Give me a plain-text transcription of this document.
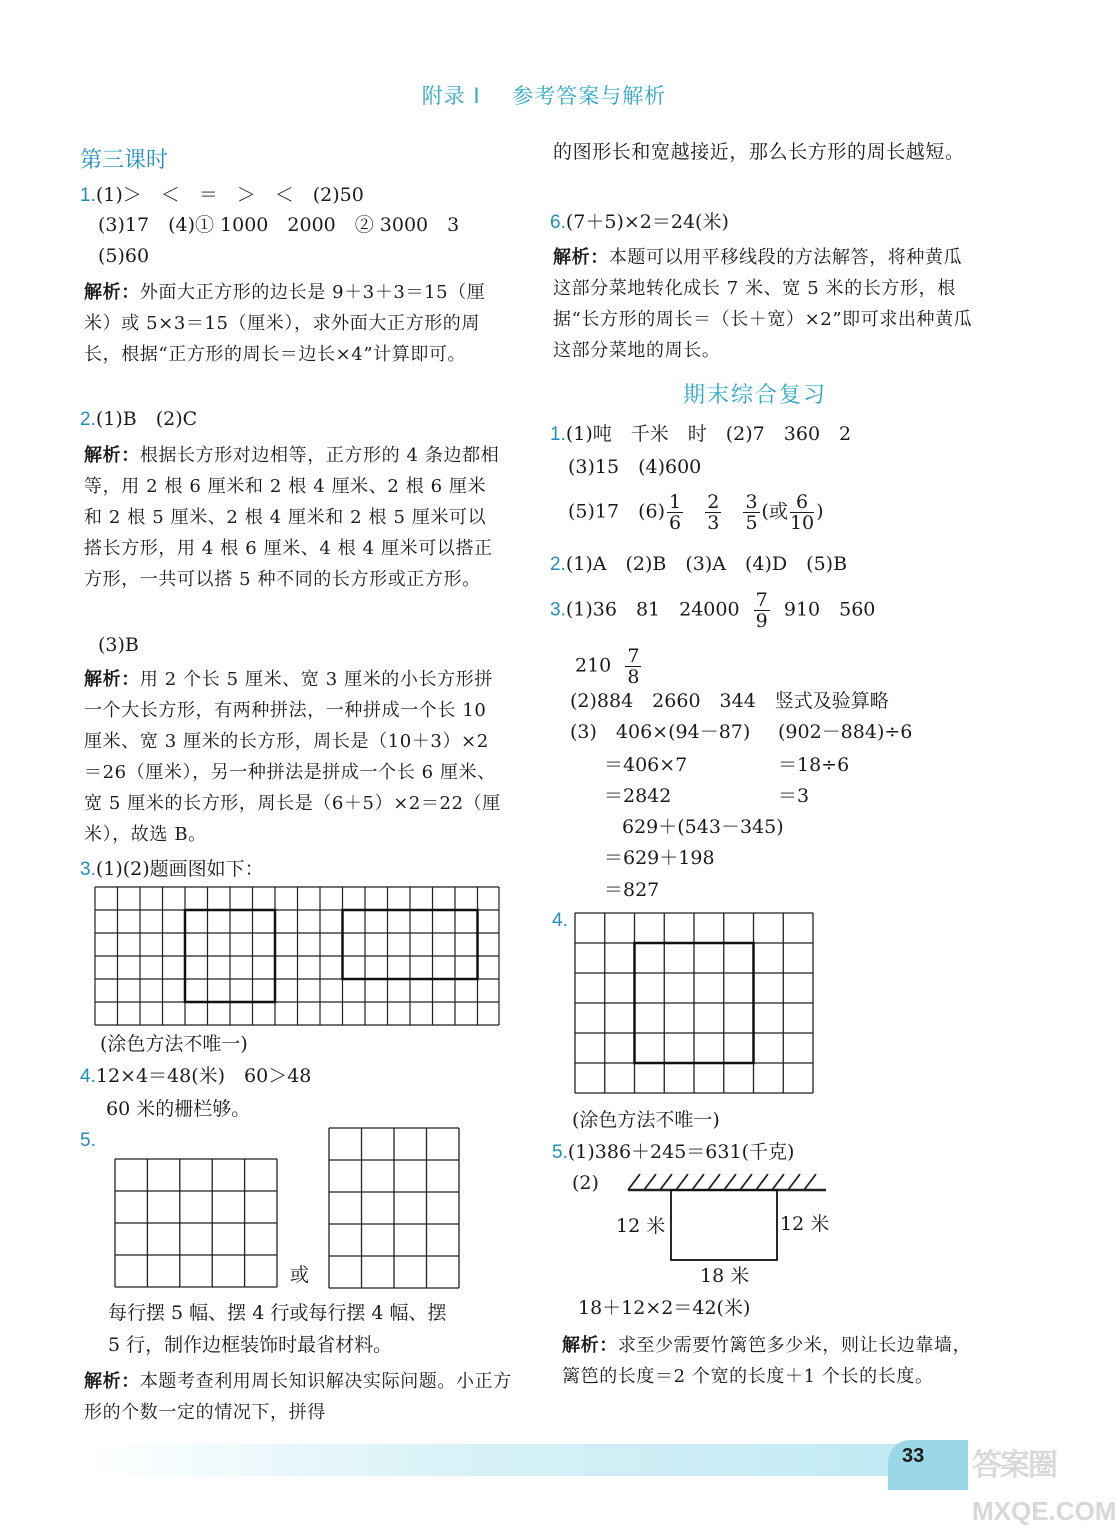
附录 I 参考答案与解析
第三课时
1.(1)＞　＜　＝　＞　＜　(2)50
(3)17　(4)① 1000　2000　② 3000　3
(5)60
解析：外面大正方形的边长是 9＋3＋3＝15（厘米）或 5×3＝15（厘米），求外面大正方形的周长，根据“正方形的周长＝边长×4”计算即可。
2.(1)B　(2)C
解析：根据长方形对边相等，正方形的 4 条边都相等，用 2 根 6 厘米和 2 根 4 厘米、2 根 6 厘米和 2 根 5 厘米、2 根 4 厘米和 2 根 5 厘米可以搭长方形，用 4 根 6 厘米、4 根 4 厘米可以搭正方形，一共可以搭 5 种不同的长方形或正方形。
(3)B
解析：用 2 个长 5 厘米、宽 3 厘米的小长方形拼一个大长方形，有两种拼法，一种拼成一个长 10 厘米、宽 3 厘米的长方形，周长是（10＋3）×2＝26（厘米），另一种拼法是拼成一个长 6 厘米、宽 5 厘米的长方形，周长是（6＋5）×2＝22（厘米），故选 B。
3.(1)(2)题画图如下：
(涂色方法不唯一)
4.12×4＝48(米)　60＞48
60 米的栅栏够。
5.
或
每行摆 5 幅、摆 4 行或每行摆 4 幅、摆
5 行，制作边框装饰时最省材料。
解析：本题考查利用周长知识解决实际问题。小正方形的个数一定的情况下，拼得
的图形长和宽越接近，那么长方形的周长越短。
6.(7＋5)×2＝24(米)
解析：本题可以用平移线段的方法解答，将种黄瓜这部分菜地转化成长 7 米、宽 5 米的长方形，根据“长方形的周长＝（长＋宽）×2”即可求出种黄瓜这部分菜地的周长。
期末综合复习
1.(1)吨　千米　时　(2)7　360　2
(3)15　(4)600
(5)17　$(6) \frac{1}{6}$
$\frac{2}{3}$
$\frac{3}{5}$ (或 $\frac{6}{10}$ )
2.(1)A　(2)B　(3)A　(4)D　(5)B
3.(1)36　81　$24000 \frac{7}{9} 910$　560
$210 \frac{7}{8}$
(2)884　2660　344　竖式及验算略
(3)　406×(94－87) (902－884)÷6
＝406×7	＝18÷6
＝2842	＝3
629＋(543－345)
＝629＋198
＝827
4.
(涂色方法不唯一)
5.(1)386＋245＝631(千克)
(2)
12 米	12 米
18 米
18＋12×2＝42(米)
解析：求至少需要竹篱笆多少米，则让长边靠墙，篱笆的长度＝2 个宽的长度＋1 个长的长度。
33 答案圈
MXQE.COM
